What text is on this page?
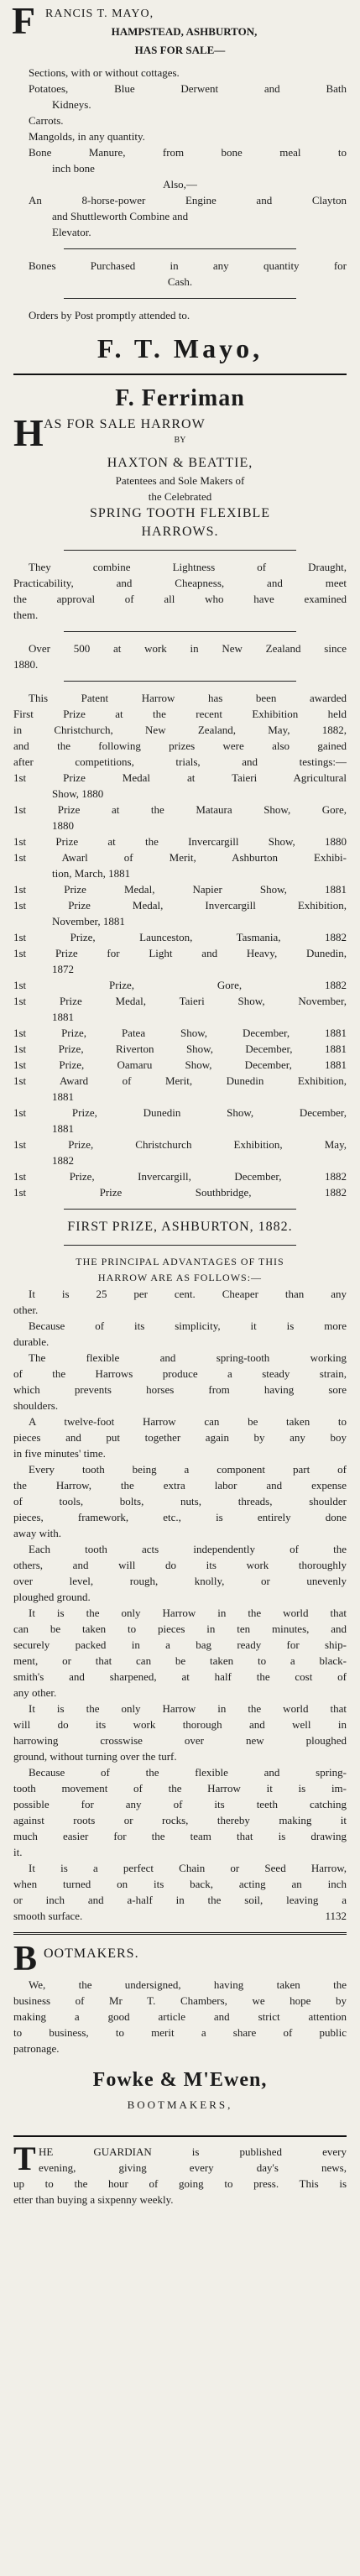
F RANCIS T. MAYO,
HAMPSTEAD, ASHBURTON,
HAS FOR SALE—
Sections, with or without cottages.
Potatoes, Blue Derwent and Bath
Kidneys.
Carrots.
Mangolds, in any quantity.
Bone Manure, from bone meal to
inch bone
Also,—
An 8-horse-power Engine and Clayton
and Shuttleworth Combine and
Elevator.
Bones Purchased in any quantity for
Cash.
Orders by Post promptly attended to.
F. T. Mayo,
F. Ferriman
H AS FOR SALE HARROW
BY
HAXTON & BEATTIE,
Patentees and Sole Makers of
the Celebrated
SPRING TOOTH FLEXIBLE
HARROWS.
They combine Lightness of Draught,
Practicability, and Cheapness, and meet
the approval of all who have examined
them.
Over 500 at work in New Zealand since
1880.
This Patent Harrow has been awarded
First Prize at the recent Exhibition held
in Christchurch, New Zealand, May, 1882,
and the following prizes were also gained
after competitions, trials, and testings:—
1st Prize Medal at Taieri Agricultural
Show, 1880
1st Prize at the Mataura Show, Gore,
1880
1st Prize at the Invercargill Show, 1880
1st Awarl of Merit, Ashburton Exhibi-
tion, March, 1881
1st Prize Medal, Napier Show, 1881
1st Prize Medal, Invercargill Exhibition,
November, 1881
1st Prize, Launceston, Tasmania, 1882
1st Prize for Light and Heavy, Dunedin,
1872
1st Prize, Gore, 1882
1st Prize Medal, Taieri Show, November,
1881
1st Prize, Patea Show, December, 1881
1st Prize, Riverton Show, December, 1881
1st Prize, Oamaru Show, December, 1881
1st Award of Merit, Dunedin Exhibition,
1881
1st Prize, Dunedin Show, December,
1881
1st Prize, Christchurch Exhibition, May,
1882
1st Prize, Invercargill, December, 1882
1st Prize Southbridge, 1882
FIRST PRIZE, ASHBURTON, 1882.
THE PRINCIPAL ADVANTAGES OF THIS
HARROW ARE AS FOLLOWS:—
It is 25 per cent. Cheaper than any
other.
Because of its simplicity, it is more
durable.
The flexible and spring-tooth working
of the Harrows produce a steady strain,
which prevents horses from having sore
shoulders.
A twelve-foot Harrow can be taken to
pieces and put together again by any boy
in five minutes' time.
Every tooth being a component part of
the Harrow, the extra labor and expense
of tools, bolts, nuts, threads, shoulder
pieces, framework, etc., is entirely done
away with.
Each tooth acts independently of the
others, and will do its work thoroughly
over level, rough, knolly, or unevenly
ploughed ground.
It is the only Harrow in the world that
can be taken to pieces in ten minutes, and
securely packed in a bag ready for ship-
ment, or that can be taken to a black-
smith's and sharpened, at half the cost of
any other.
It is the only Harrow in the world that
will do its work thorough and well in
harrowing crosswise over new ploughed
ground, without turning over the turf.
Because of the flexible and spring-
tooth movement of the Harrow it is im-
possible for any of its teeth catching
against roots or rocks, thereby making it
much easier for the team that is drawing
it.
It is a perfect Chain or Seed Harrow,
when turned on its back, acting an inch
or inch and a-half in the soil, leaving a
smooth surface.	1132
B OOTMAKERS.
We, the undersigned, having taken the
business of Mr T. Chambers, we hope by
making a good article and strict attention
to business, to merit a share of public
patronage.
Fowke & M'Ewen,
BOOTMAKERS,

T HE GUARDIAN is published every
evening, giving every day's news,
up to the hour of going to press. This is
etter than buying a sixpenny weekly.
